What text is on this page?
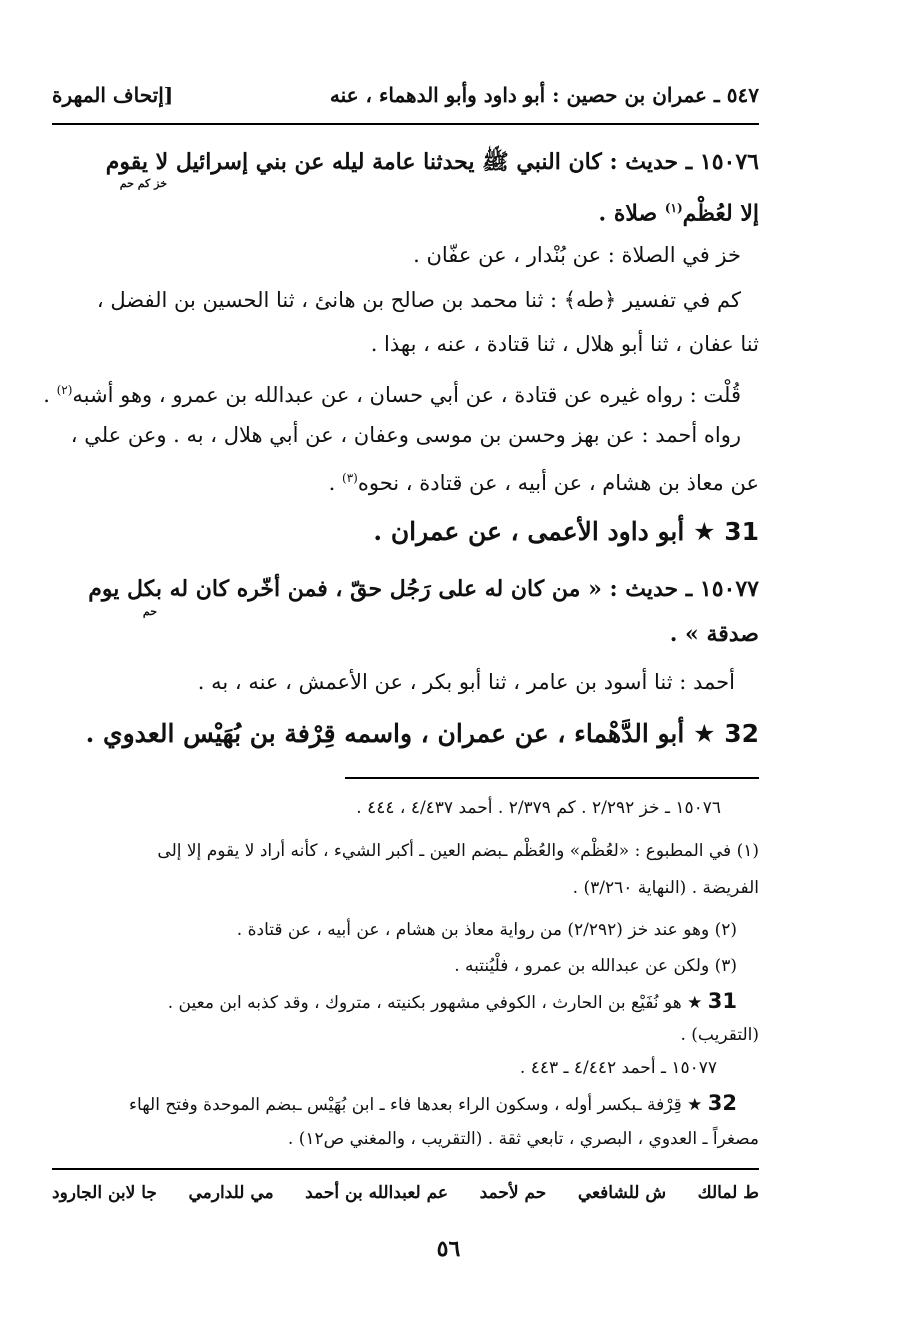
٥٤٧ ـ عمران بن حصين : أبو داود وأبو الدهماء ، عنه
[إتحاف المهرة
١٥٠٧٦ ـ حديث : كان النبي ﷺ يحدثنا عامة ليله عن بني إسرائيل لا يقوم
خز كم حم
إلا لعُظْم$^{(١)}$ صلاة .
خز في الصلاة : عن بُنْدار ، عن عفّان .
كم في تفسير ﴿طه﴾ : ثنا محمد بن صالح بن هانئ ، ثنا الحسين بن الفضل ،
ثنا عفان ، ثنا أبو هلال ، ثنا قتادة ، عنه ، بهذا .
قُلْت : رواه غيره عن قتادة ، عن أبي حسان ، عن عبدالله بن عمرو ، وهو أشبه$^{(٢)}$ .
رواه أحمد : عن بهز وحسن بن موسى وعفان ، عن أبي هلال ، به . وعن علي ،
عن معاذ بن هشام ، عن أبيه ، عن قتادة ، نحوه$^{(٣)}$ .
31 ★ أبو داود الأعمى ، عن عمران .
١٥٠٧٧ ـ حديث : « من كان له على رَجُل حقّ ، فمن أخّره كان له بكل يوم
حم
صدقة » .
أحمد : ثنا أسود بن عامر ، ثنا أبو بكر ، عن الأعمش ، عنه ، به .
32 ★ أبو الدَّهْماء ، عن عمران ، واسمه قِرْفة بن بُهَيْس العدوي .
١٥٠٧٦ ـ خز ٢/٢٩٢ . كم ٢/٣٧٩ . أحمد ٤/٤٣٧ ، ٤٤٤ .
(١) في المطبوع : «لعُظْم» والعُظْم ـبضم العين ـ أكبر الشيء ، كأنه أراد لا يقوم إلا إلى
الفريضة . (النهاية ٣/٢٦٠) .
(٢) وهو عند خز (٢/٢٩٢) من رواية معاذ بن هشام ، عن أبيه ، عن قتادة .
(٣) ولكن عن عبدالله بن عمرو ، فلْيُنتبه .
31 ★ هو نُفَيْع بن الحارث ، الكوفي مشهور بكنيته ، متروك ، وقد كذبه ابن معين .
(التقريب) .
١٥٠٧٧ ـ أحمد ٤/٤٤٢ ـ ٤٤٣ .
32 ★ قِرْفة ـبكسر أوله ، وسكون الراء بعدها فاء ـ ابن بُهَيْس ـبضم الموحدة وفتح الهاء
مصغراً ـ العدوي ، البصري ، تابعي ثقة . (التقريب ، والمغني ص١٢) .
ط لمالك
ش للشافعي
حم لأحمد
عم لعبدالله بن أحمد
مي للدارمي
جا لابن الجارود
٥٦
